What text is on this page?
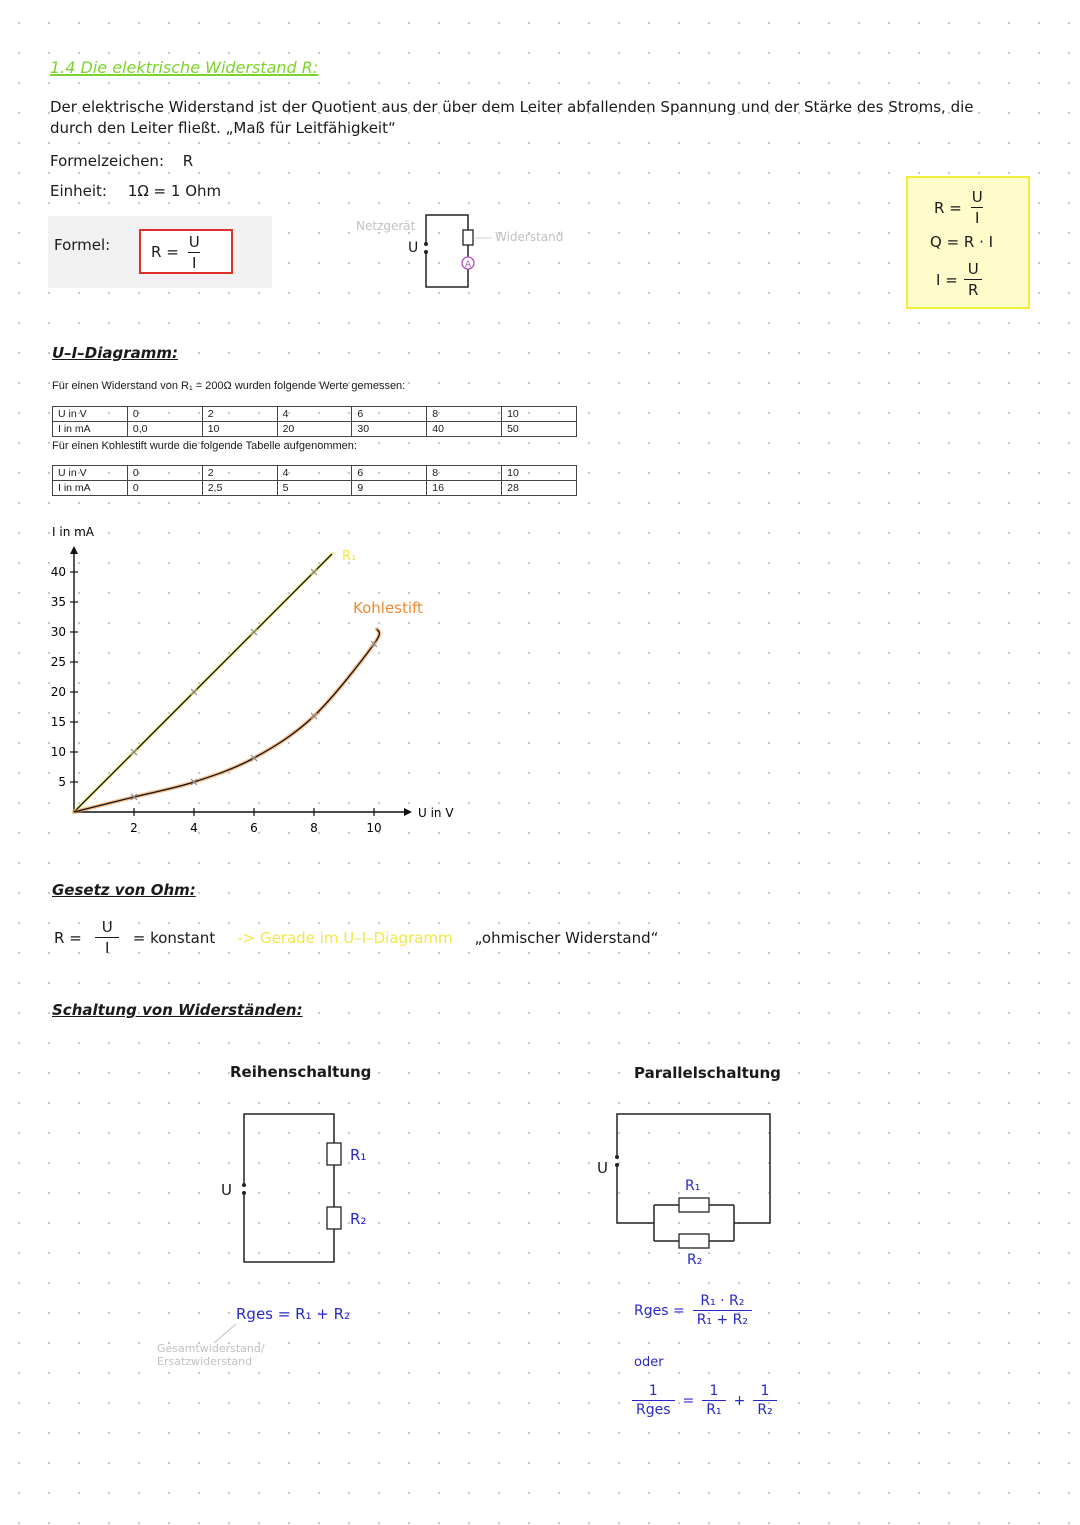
1.4 Die elektrische Widerstand R:
Der elektrische Widerstand ist der Quotient aus der über dem Leiter abfallenden Spannung und der Stärke des Stroms, die durch den Leiter fließt. „Maß für Leitfähigkeit“
Formelzeichen: R
Einheit: 1Ω = 1 Ohm
Formel:	$R = \frac{U}{I}$	A
U
Netzgerät
Widerstand
$R = \frac{U}{I}$
Q = R · I
$I = \frac{U}{R}$
U–I–Diagramm:
Für einen Widerstand von R₁ = 200Ω wurden folgende Werte gemessen:
U in V	0	2	4	6	8	10
I in mA	0,0	10	20	30	40	50
Für einen Kohlestift wurde die folgende Tabelle aufgenommen:
U in V	0	2	4	6	8	10
I in mA	0	2,5	5	9	16	28
2	4	6	8	10
5
10
15
20
25
30
35
40
U in V
I in mA
R₁
Kohlestift
Gesetz von Ohm:
$R = \frac{U}{I}$ = konstant -> Gerade im U–I–Diagramm „ohmischer Widerstand“
Schaltung von Widerständen:
Reihenschaltung	Parallelschaltung
U
R₁
R₂
Rges = R₁ + R₂
Gesamtwiderstand/ Ersatzwiderstand
U
R₁
R₂
Rges = $\frac{\text{R₁ · R₂}}{\text{R₁ + R₂}}$
oder
$\frac{1}{\text{Rges}} = \frac{1}{\text{R₁}} + \frac{1}{\text{R₂}}$
